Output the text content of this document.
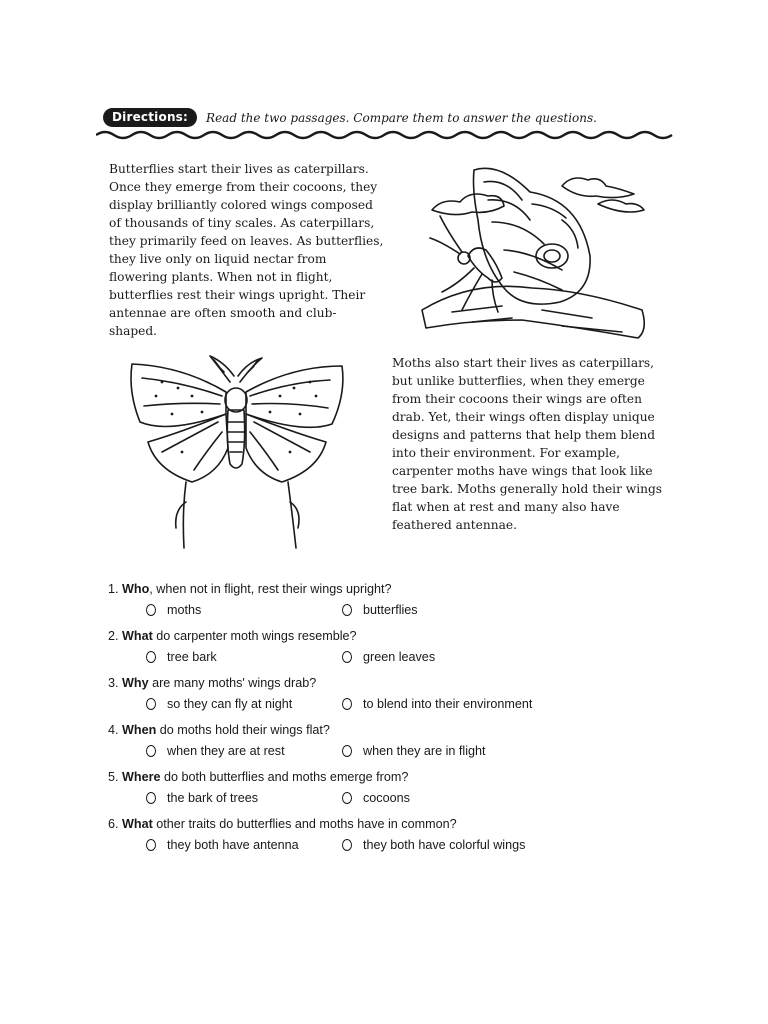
Directions:	Read the two passages. Compare them to answer the questions.
Butterflies start their lives as caterpillars. Once they emerge from their cocoons, they display brilliantly colored wings composed of thousands of tiny scales. As caterpillars, they primarily feed on leaves. As butterflies, they live only on liquid nectar from flowering plants. When not in flight, butterflies rest their wings upright. Their antennae are often smooth and club-shaped.
Moths also start their lives as caterpillars, but unlike butterflies, when they emerge from their cocoons their wings are often drab. Yet, their wings often display unique designs and patterns that help them blend into their environment. For example, carpenter moths have wings that look like tree bark. Moths generally hold their wings flat when at rest and many also have feathered antennae.
1. Who, when not in flight, rest their wings upright?
moths	butterflies
2. What do carpenter moth wings resemble?
tree bark	green leaves
3. Why are many moths' wings drab?
so they can fly at night	to blend into their environment
4. When do moths hold their wings flat?
when they are at rest	when they are in flight
5. Where do both butterflies and moths emerge from?
the bark of trees	cocoons
6. What other traits do butterflies and moths have in common?
they both have antenna	they both have colorful wings
